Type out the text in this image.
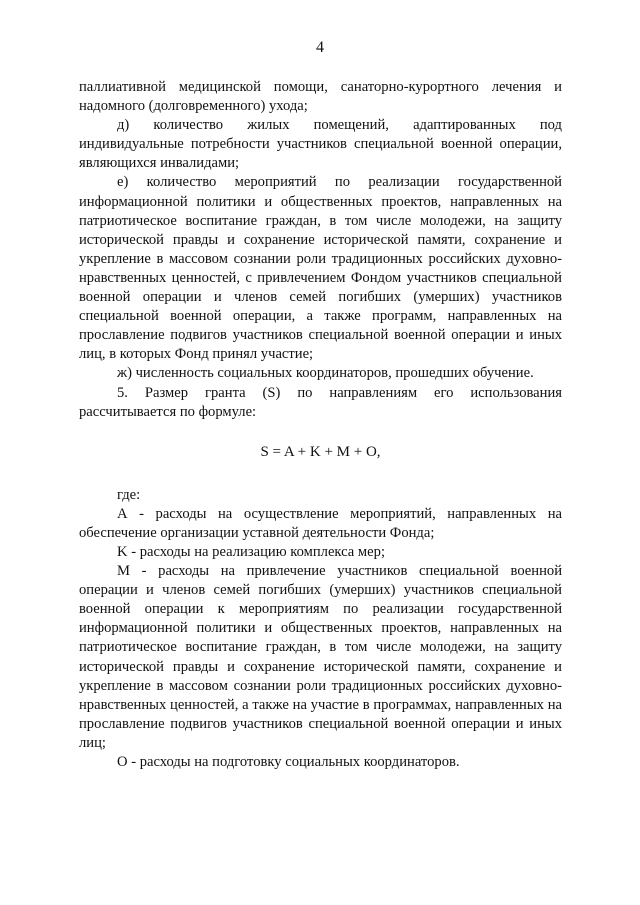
4

паллиативной медицинской помощи, санаторно-курортного лечения и надомного (долговременного) ухода;

д) количество жилых помещений, адаптированных под индивидуальные потребности участников специальной военной операции, являющихся инвалидами;

е) количество мероприятий по реализации государственной информационной политики и общественных проектов, направленных на патриотическое воспитание граждан, в том числе молодежи, на защиту исторической правды и сохранение исторической памяти, сохранение и укрепление в массовом сознании роли традиционных российских духовно-нравственных ценностей, с привлечением Фондом участников специальной военной операции и членов семей погибших (умерших) участников специальной военной операции, а также программ, направленных на прославление подвигов участников специальной военной операции и иных лиц, в которых Фонд принял участие;

ж) численность социальных координаторов, прошедших обучение.

5. Размер гранта (S) по направлениям его использования рассчитывается по формуле:

S = A + K + M + O,

где:

А - расходы на осуществление мероприятий, направленных на обеспечение организации уставной деятельности Фонда;

K - расходы на реализацию комплекса мер;

М - расходы на привлечение участников специальной военной операции и членов семей погибших (умерших) участников специальной военной операции к мероприятиям по реализации государственной информационной политики и общественных проектов, направленных на патриотическое воспитание граждан, в том числе молодежи, на защиту исторической правды и сохранение исторической памяти, сохранение и укрепление в массовом сознании роли традиционных российских духовно-нравственных ценностей, а также на участие в программах, направленных на прославление подвигов участников специальной военной операции и иных лиц;

O - расходы на подготовку социальных координаторов.
